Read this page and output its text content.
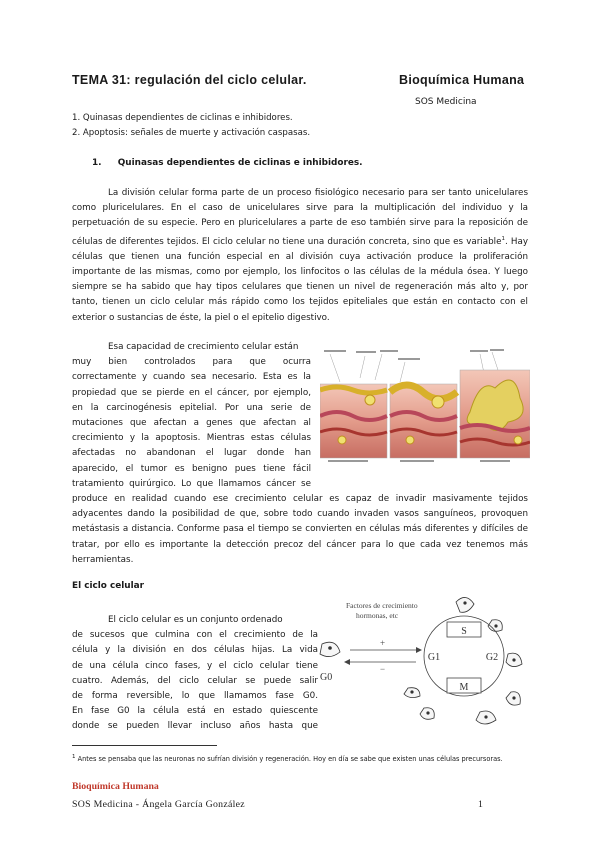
TEMA 31: regulación del ciclo celular.	Bioquímica Humana
SOS Medicina
1. Quinasas dependientes de ciclinas e inhibidores.
2. Apoptosis: señales de muerte y activación caspasas.
1. Quinasas dependientes de ciclinas e inhibidores.
La división celular forma parte de un proceso fisiológico necesario para ser tanto unicelulares como pluricelulares. En el caso de unicelulares sirve para la multiplicación del individuo y la perpetuación de su especie. Pero en pluricelulares a parte de eso también sirve para la reposición de células de diferentes tejidos. El ciclo celular no tiene una duración concreta, sino que es variable$^1$. Hay células que tienen una función especial en al división cuya activación produce la proliferación importante de las mismas, como por ejemplo, los linfocitos o las células de la médula ósea. Y luego siempre se ha sabido que hay tipos celulares que tienen un nivel de regeneración más alto y, por tanto, tienen un ciclo celular más rápido como los tejidos epiteliales que están en contacto con el exterior o sustancias de éste, la piel o el epitelio digestivo.
Esa capacidad de crecimiento celular están
muy bien controlados para que ocurra
correctamente y cuando sea necesario. Esta es la
propiedad que se pierde en el cáncer, por ejemplo,
en la carcinogénesis epitelial. Por una serie de
mutaciones que afectan a genes que afectan al
crecimiento y la apoptosis. Mientras estas células
afectadas no abandonan el lugar donde han
aparecido, el tumor es benigno pues tiene fácil
tratamiento quirúrgico. Lo que llamamos cáncer se
produce en realidad cuando ese crecimiento celular es capaz de invadir masivamente tejidos adyacentes dando la posibilidad de que, sobre todo cuando invaden vasos sanguíneos, provoquen metástasis a distancia. Conforme pasa el tiempo se convierten en células más diferentes y difíciles de tratar, por ello es importante la detección precoz del cáncer para lo que cada vez tenemos más herramientas.
El ciclo celular
El ciclo celular es un conjunto ordenado
de sucesos que culmina con el crecimiento de la
célula y la división en dos células hijas. La vida
de una célula cinco fases, y el ciclo celular tiene
cuatro. Además, del ciclo celular se puede salir
de forma reversible, lo que llamamos fase G0.
En fase G0 la célula está en estado quiescente
donde se pueden llevar incluso años hasta que
S
M
G1	G2
Factores de crecimiento
hormonas, etc
+
−
G0
$^1$ Antes se pensaba que las neuronas no sufrían división y regeneración. Hoy en día se sabe que existen unas células precursoras.
Bioquímica Humana
SOS Medicina - Ángela García González	1
